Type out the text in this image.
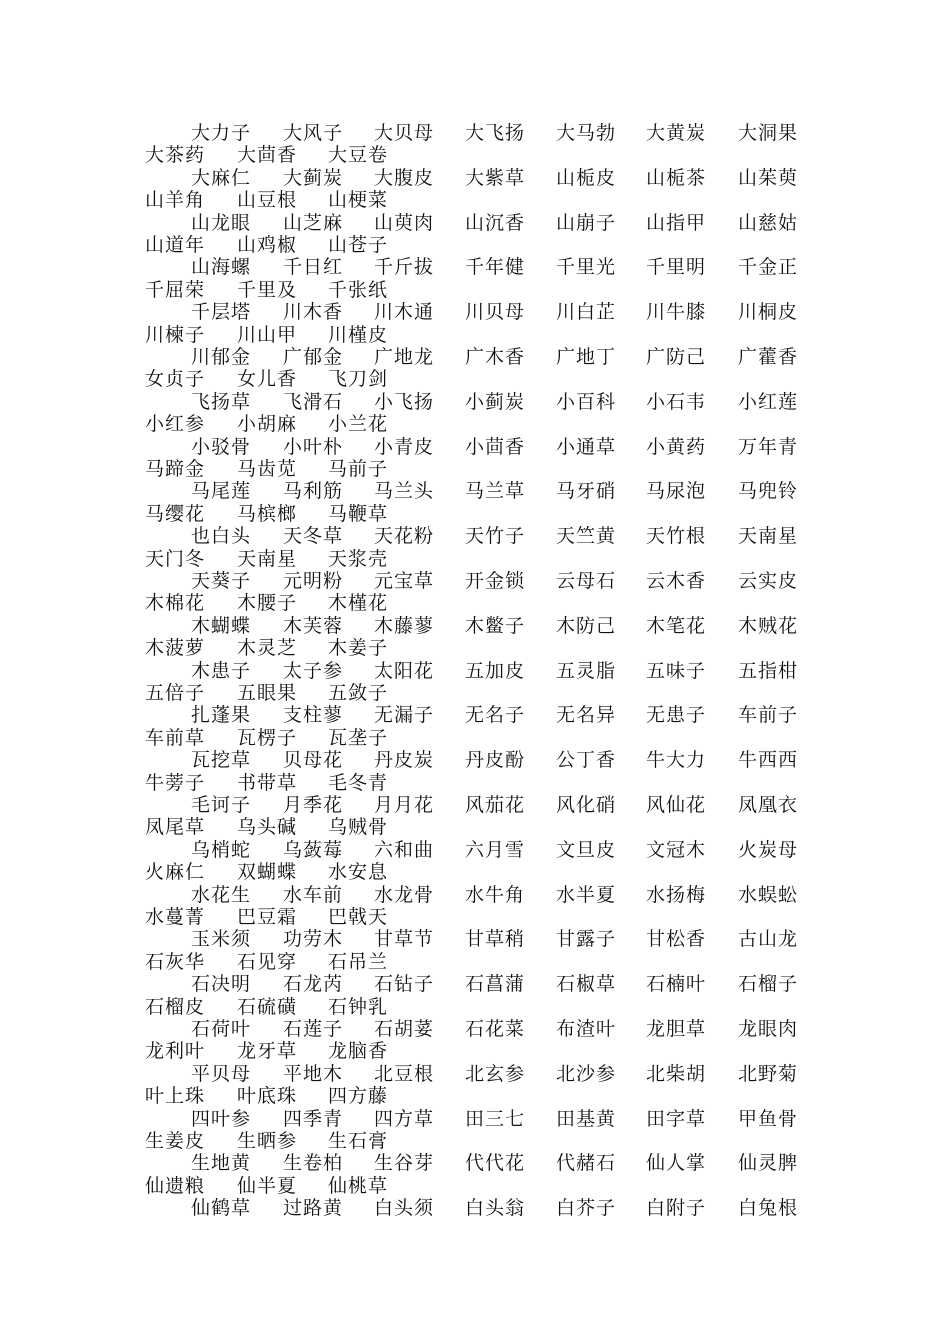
大力子 大风子 大贝母 大飞扬 大马勃 大黄炭 大洞果
大茶药 大茴香 大豆卷
大麻仁 大蓟炭 大腹皮 大紫草 山栀皮 山栀茶 山茱萸
山羊角 山豆根 山梗菜
山龙眼 山芝麻 山萸肉 山沉香 山崩子 山指甲 山慈姑
山道年 山鸡椒 山苍子
山海螺 千日红 千斤拔 千年健 千里光 千里明 千金正
千屈荣 千里及 千张纸
千层塔 川木香 川木通 川贝母 川白芷 川牛膝 川桐皮
川楝子 川山甲 川槿皮
川郁金 广郁金 广地龙 广木香 广地丁 广防己 广藿香
女贞子 女儿香 飞刀剑
飞扬草 飞滑石 小飞扬 小蓟炭 小百科 小石韦 小红莲
小红参 小胡麻 小兰花
小驳骨 小叶朴 小青皮 小茴香 小通草 小黄药 万年青
马蹄金 马齿苋 马前子
马尾莲 马利筋 马兰头 马兰草 马牙硝 马尿泡 马兜铃
马缨花 马槟榔 马鞭草
也白头 天冬草 天花粉 天竹子 天竺黄 天竹根 天南星
天门冬 天南星 天浆壳
天葵子 元明粉 元宝草 开金锁 云母石 云木香 云实皮
木棉花 木腰子 木槿花
木蝴蝶 木芙蓉 木藤蓼 木鳖子 木防己 木笔花 木贼花
木菠萝 木灵芝 木姜子
木患子 太子参 太阳花 五加皮 五灵脂 五味子 五指柑
五倍子 五眼果 五敛子
扎蓬果 支柱蓼 无漏子 无名子 无名异 无患子 车前子
车前草 瓦楞子 瓦垄子
瓦挖草 贝母花 丹皮炭 丹皮酚 公丁香 牛大力 牛西西
牛蒡子 书带草 毛冬青
毛诃子 月季花 月月花 风茄花 风化硝 风仙花 凤凰衣
凤尾草 乌头碱 乌贼骨
乌梢蛇 乌蔹莓 六和曲 六月雪 文旦皮 文冠木 火炭母
火麻仁 双蝴蝶 水安息
水花生 水车前 水龙骨 水牛角 水半夏 水扬梅 水蜈蚣
水蔓菁 巴豆霜 巴戟天
玉米须 功劳木 甘草节 甘草稍 甘露子 甘松香 古山龙
石灰华 石见穿 石吊兰
石决明 石龙芮 石钻子 石菖蒲 石椒草 石楠叶 石榴子
石榴皮 石硫磺 石钟乳
石荷叶 石莲子 石胡荽 石花菜 布渣叶 龙胆草 龙眼肉
龙利叶 龙牙草 龙脑香
平贝母 平地木 北豆根 北玄参 北沙参 北柴胡 北野菊
叶上珠 叶底珠 四方藤
四叶参 四季青 四方草 田三七 田基黄 田字草 甲鱼骨
生姜皮 生晒参 生石膏
生地黄 生卷柏 生谷芽 代代花 代赭石 仙人掌 仙灵脾
仙遗粮 仙半夏 仙桃草
仙鹤草 过路黄 白头须 白头翁 白芥子 白附子 白兔根
